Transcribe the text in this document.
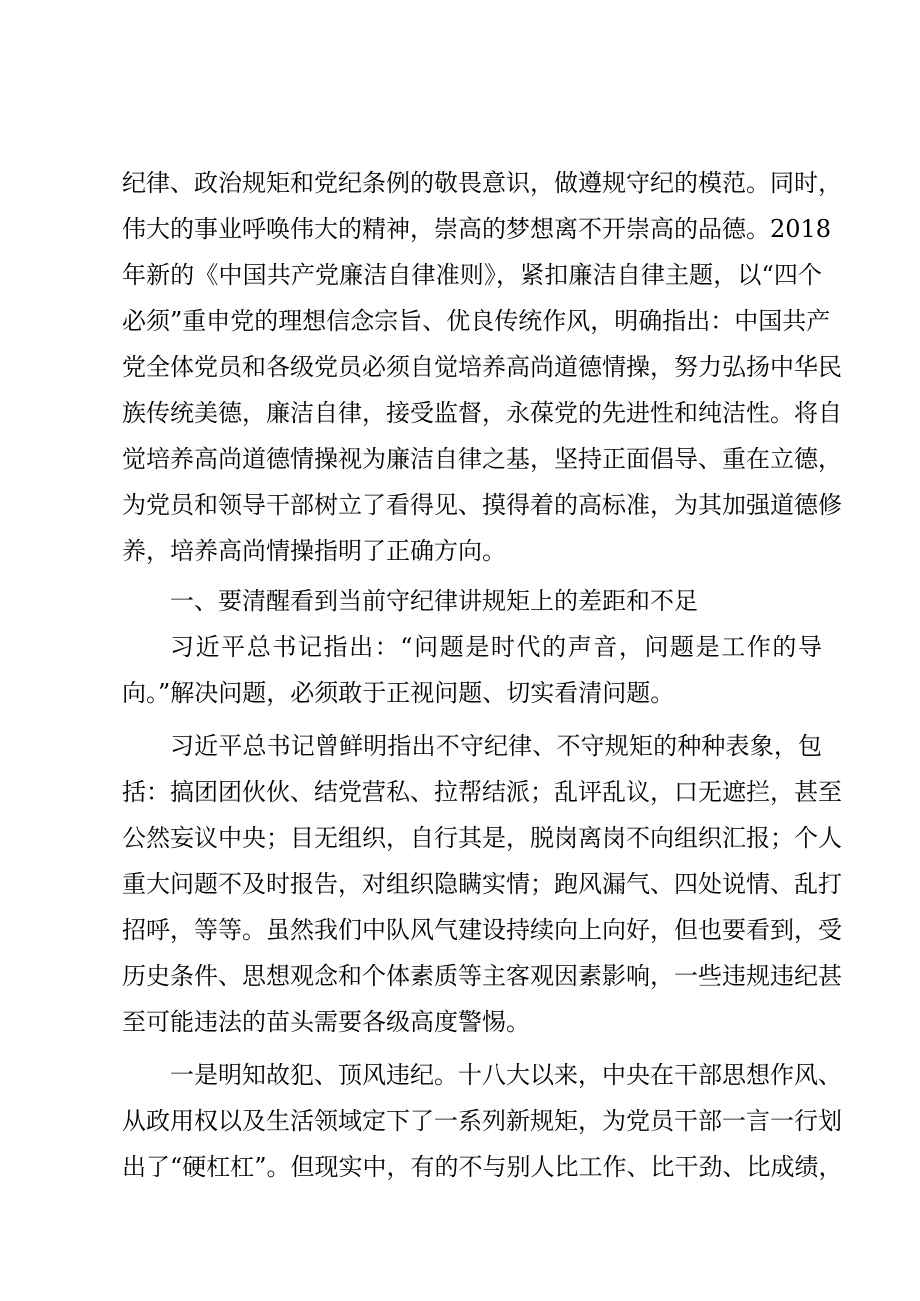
纪律、政治规矩和党纪条例的敬畏意识，做遵规守纪的模范。同时，
伟大的事业呼唤伟大的精神，崇高的梦想离不开崇高的品德。2018
年新的《中国共产党廉洁自律准则》，紧扣廉洁自律主题，以“四个
必须”重申党的理想信念宗旨、优良传统作风，明确指出：中国共产
党全体党员和各级党员必须自觉培养高尚道德情操，努力弘扬中华民
族传统美德，廉洁自律，接受监督，永葆党的先进性和纯洁性。将自
觉培养高尚道德情操视为廉洁自律之基，坚持正面倡导、重在立德，
为党员和领导干部树立了看得见、摸得着的高标准，为其加强道德修
养，培养高尚情操指明了正确方向。
一、要清醒看到当前守纪律讲规矩上的差距和不足
习近平总书记指出：“问题是时代的声音，问题是工作的导
向。”解决问题，必须敢于正视问题、切实看清问题。
习近平总书记曾鲜明指出不守纪律、不守规矩的种种表象，包
括：搞团团伙伙、结党营私、拉帮结派；乱评乱议，口无遮拦，甚至
公然妄议中央；目无组织，自行其是，脱岗离岗不向组织汇报；个人
重大问题不及时报告，对组织隐瞒实情；跑风漏气、四处说情、乱打
招呼，等等。虽然我们中队风气建设持续向上向好，但也要看到，受
历史条件、思想观念和个体素质等主客观因素影响，一些违规违纪甚
至可能违法的苗头需要各级高度警惕。
一是明知故犯、顶风违纪。十八大以来，中央在干部思想作风、
从政用权以及生活领域定下了一系列新规矩，为党员干部一言一行划
出了“硬杠杠”。但现实中，有的不与别人比工作、比干劲、比成绩，
